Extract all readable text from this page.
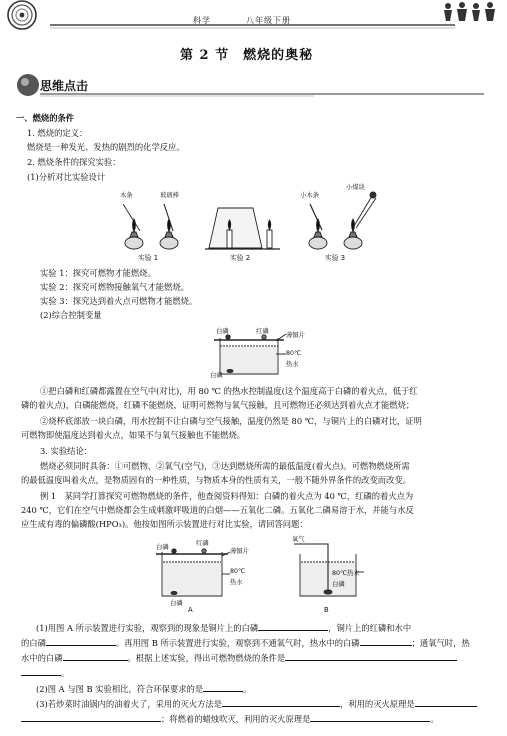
科学	八年级下册
第 2 节　燃烧的奥秘
思维点击
一、燃烧的条件
1. 燃烧的定义：
燃烧是一种发光、发热的剧烈的化学反应。
2. 燃烧条件的探究实验：
(1)分析对比实验设计
木条	玻璃棒	小木条
小煤块
实验 1	实验 2	实验 3
实验 1：探究可燃物才能燃烧。
实验 2：探究可燃物接触氧气才能燃烧。
实验 3：探究达到着火点可燃物才能燃烧。
(2)综合控制变量
白磷	红磷
薄铜片
80℃
热水
白磷
①把白磷和红磷都露置在空气中(对比)，用 80 ℃ 的热水控制温度(这个温度高于白磷的着火点，低于红
磷的着火点)，白磷能燃烧，红磷不能燃烧，证明可燃物与氧气接触，且可燃物还必须达到着火点才能燃烧；
②烧杯底部放一块白磷，用水控制不让白磷与空气接触，温度仍然是 80 ℃，与铜片上的白磷对比，证明
可燃物即使温度达到着火点，如果不与氧气接触也不能燃烧。
3. 实验结论：
燃烧必须同时具备：①可燃物，②氧气(空气)，③达到燃烧所需的最低温度(着火点)。可燃物燃烧所需
的最低温度叫着火点，是物质固有的一种性质，与物质本身的性质有关，一般不随外界条件的改变而改变。
例 1　某同学打算探究可燃物燃烧的条件，他查阅资料得知：白磷的着火点为 40 ℃，红磷的着火点为
240 ℃，它们在空气中燃烧都会生成刺激呼吸道的白烟——五氧化二磷。五氧化二磷易溶于水，并能与水反
应生成有毒的偏磷酸(HPO₃)。他按如图所示装置进行对比实验，请回答问题：
白磷
红磷
薄铜片
80℃
热水
白磷
A
氧气
80℃热水
白磷
B
(1)用图 A 所示装置进行实验，观察到的现象是铜片上的白磷	，铜片上的红磷和水中
的白磷	。再用图 B 所示装置进行实验，观察到不通氧气时，热水中的白磷	；通氧气时，热
水中的白磷	。根据上述实验，得出可燃物燃烧的条件是
。
(2)图 A 与图 B 实验相比，符合环保要求的是	。
(3)若炒菜时油锅内的油着火了，采用的灭火方法是	，利用的灭火原理是
；将燃着的蜡烛吹灭，利用的灭火原理是	。
